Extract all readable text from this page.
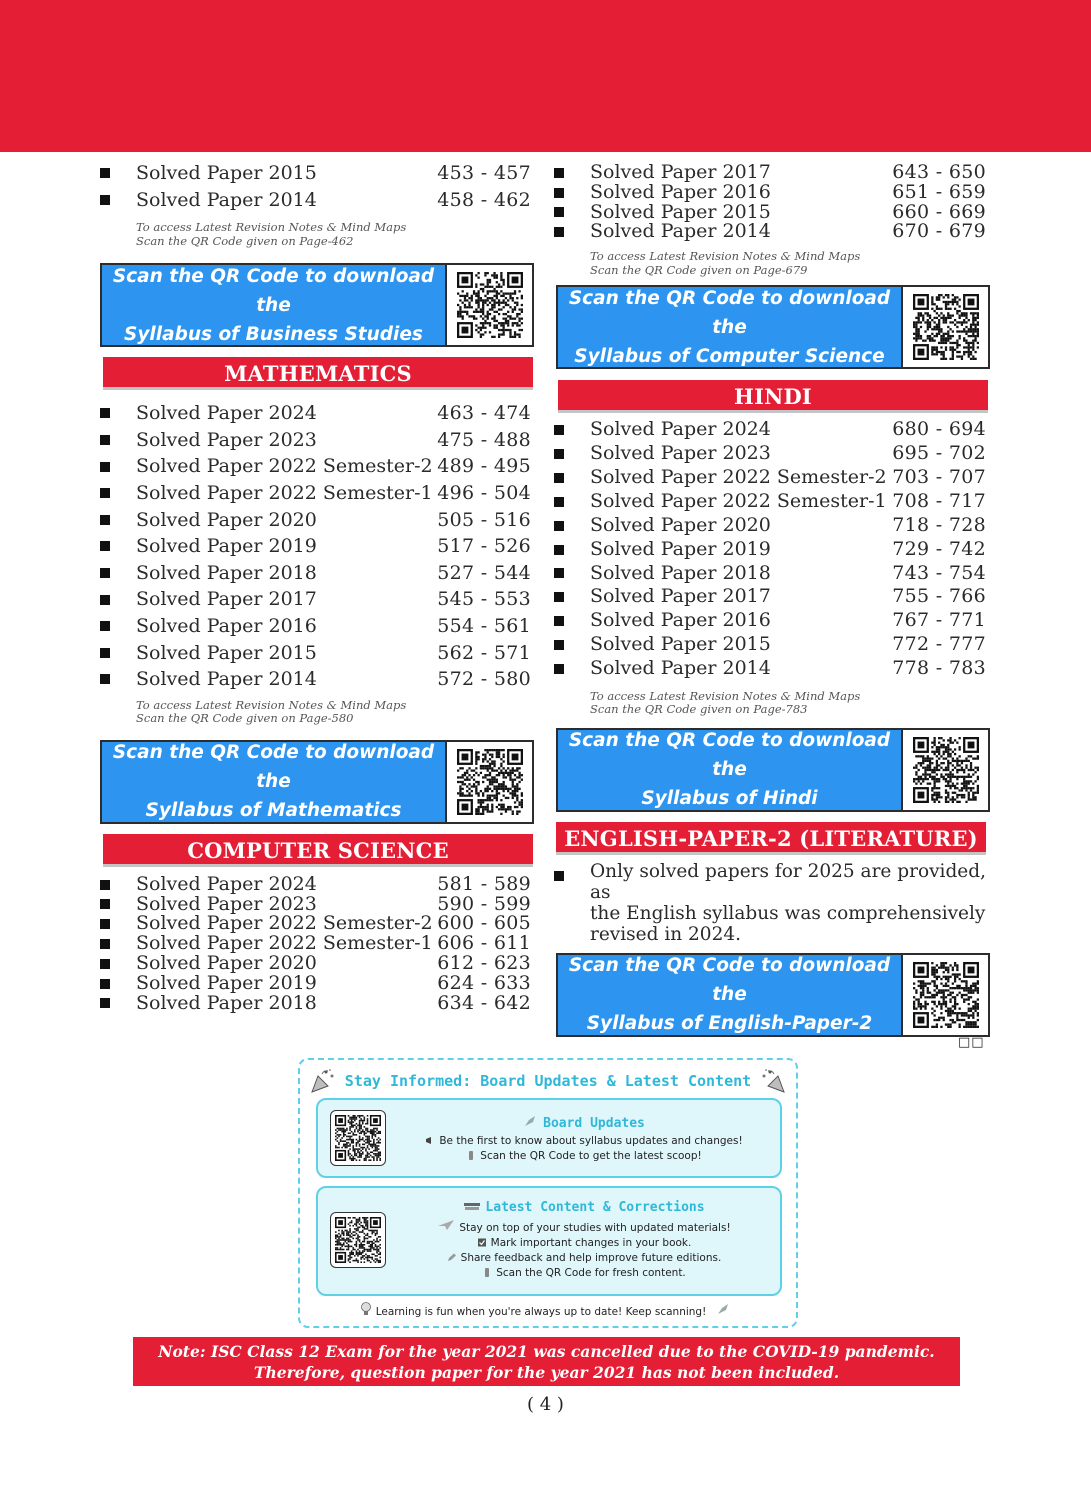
Solved Paper 2015	453 - 457
Solved Paper 2014	458 - 462
To access Latest Revision Notes & Mind Maps
Scan the QR Code given on Page-462
Scan the QR Code to download the
Syllabus of Business Studies
MATHEMATICS
Solved Paper 2024	463 - 474
Solved Paper 2023	475 - 488
Solved Paper 2022 Semester-2 489 - 495
Solved Paper 2022 Semester-1 496 - 504
Solved Paper 2020	505 - 516
Solved Paper 2019	517 - 526
Solved Paper 2018	527 - 544
Solved Paper 2017	545 - 553
Solved Paper 2016	554 - 561
Solved Paper 2015	562 - 571
Solved Paper 2014	572 - 580
To access Latest Revision Notes & Mind Maps
Scan the QR Code given on Page-580
Scan the QR Code to download the
Syllabus of Mathematics
COMPUTER SCIENCE
Solved Paper 2024	581 - 589
Solved Paper 2023	590 - 599
Solved Paper 2022 Semester-2 600 - 605
Solved Paper 2022 Semester-1 606 - 611
Solved Paper 2020	612 - 623
Solved Paper 2019	624 - 633
Solved Paper 2018	634 - 642
Solved Paper 2017	643 - 650
Solved Paper 2016	651 - 659
Solved Paper 2015	660 - 669
Solved Paper 2014	670 - 679
To access Latest Revision Notes & Mind Maps
Scan the QR Code given on Page-679
Scan the QR Code to download the
Syllabus of Computer Science
HINDI
Solved Paper 2024	680 - 694
Solved Paper 2023	695 - 702
Solved Paper 2022 Semester-2 703 - 707
Solved Paper 2022 Semester-1 708 - 717
Solved Paper 2020	718 - 728
Solved Paper 2019	729 - 742
Solved Paper 2018	743 - 754
Solved Paper 2017	755 - 766
Solved Paper 2016	767 - 771
Solved Paper 2015	772 - 777
Solved Paper 2014	778 - 783
To access Latest Revision Notes & Mind Maps
Scan the QR Code given on Page-783
Scan the QR Code to download the
Syllabus of Hindi
ENGLISH-PAPER-2 (LITERATURE)
Only solved papers for 2025 are provided, as
the English syllabus was comprehensively
revised in 2024.
Scan the QR Code to download the
Syllabus of English-Paper-2
□□
Stay Informed: Board Updates & Latest Content
Board Updates
Be the first to know about syllabus updates and changes!
Scan the QR Code to get the latest scoop!
Latest Content & Corrections
Stay on top of your studies with updated materials!
Mark important changes in your book.
Share feedback and help improve future editions.
Scan the QR Code for fresh content.
Learning is fun when you're always up to date! Keep scanning!
Note: ISC Class 12 Exam for the year 2021 was cancelled due to the COVID-19 pandemic.
Therefore, question paper for the year 2021 has not been included.
( 4 )
